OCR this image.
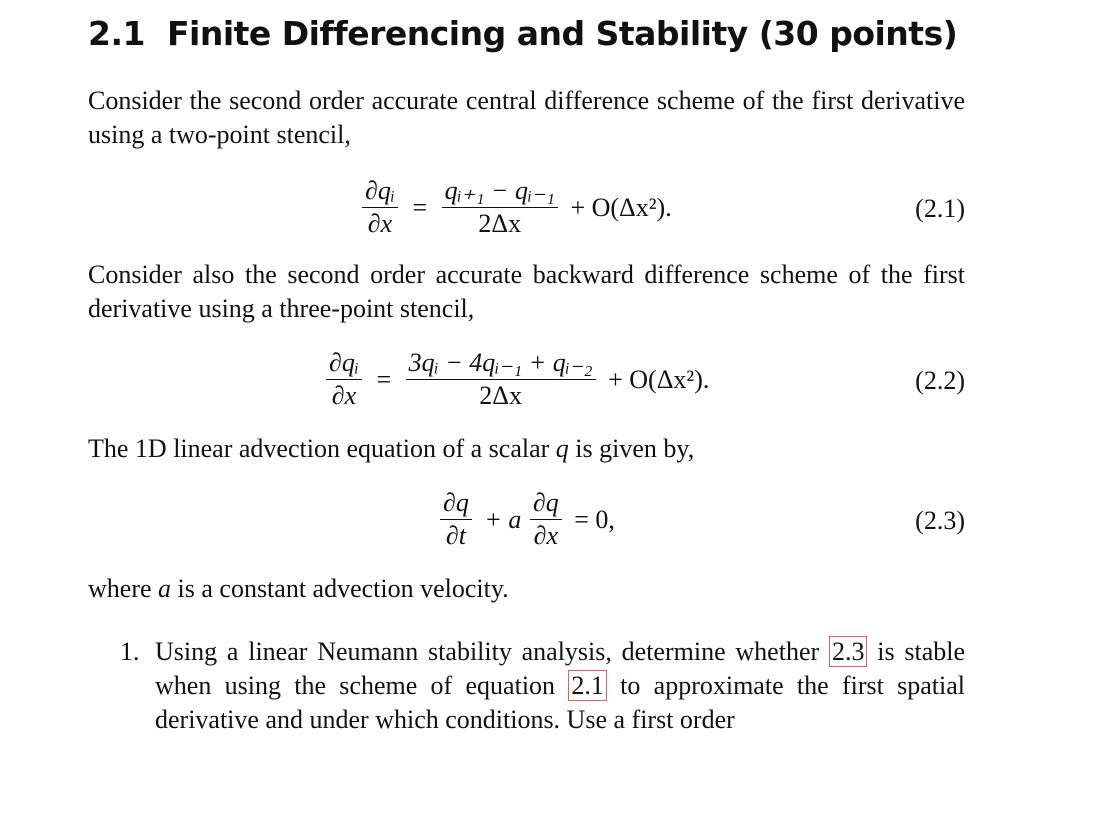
2.1 Finite Differencing and Stability (30 points)

Consider the second order accurate central difference scheme of the first derivative using a two-point stencil,

$\frac{\text{∂qᵢ}}{\partial x} = \frac{\text{qᵢ₊₁ − qᵢ₋₁}}{2\Delta x} + O(\Delta x^2)$.	(2.1)

Consider also the second order accurate backward difference scheme of the first derivative using a three-point stencil,

$\frac{\text{∂qᵢ}}{\partial x} = \frac{\text{3qᵢ − 4qᵢ₋₁ + qᵢ₋₂}}{2\Delta x} + O(\Delta x^2)$.	(2.2)

The 1D linear advection equation of a scalar q is given by,

$\frac{\partial q}{\partial t} + a \frac{\partial q}{\partial x} = 0$,	(2.3)

where a is a constant advection velocity.

1. Using a linear Neumann stability analysis, determine whether 2.3 is stable when using the scheme of equation 2.1 to approximate the first spatial derivative and under which conditions. Use a first order
